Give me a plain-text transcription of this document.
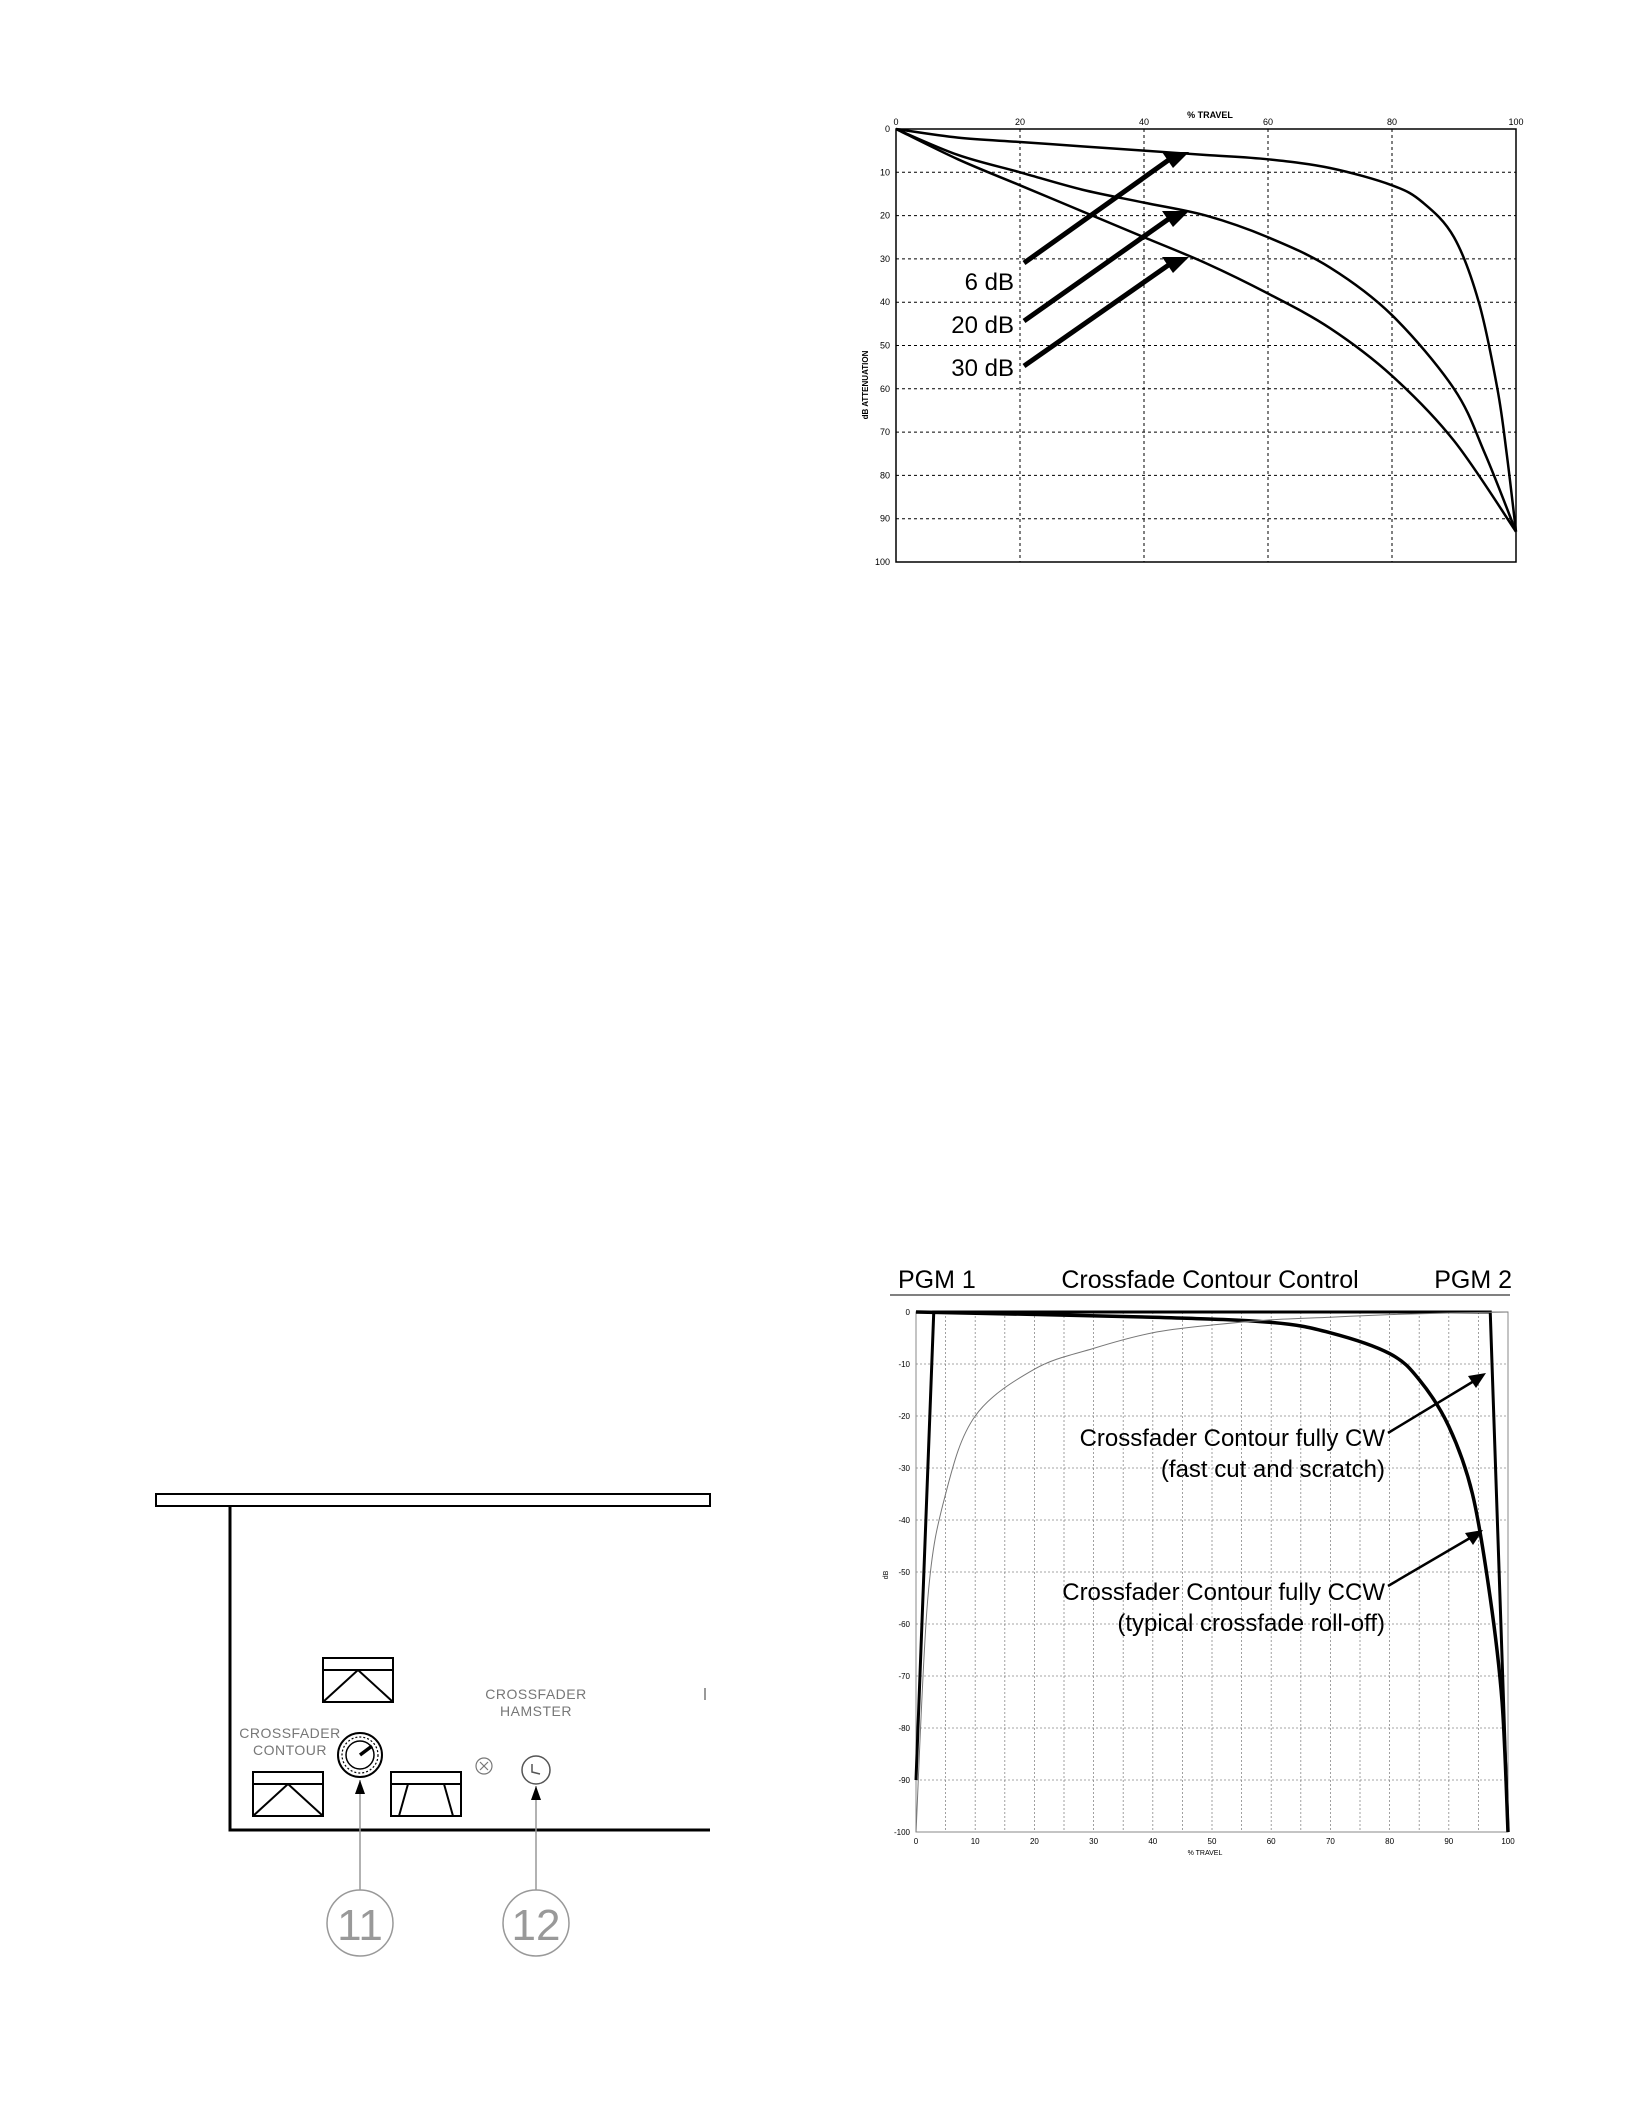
% TRAVEL
dB ATTENUATION
0	20	40	60	80	100
0
10
20
30
40
50
60
70
80
90
100
6 dB
20 dB
30 dB
PGM 1	Crossfade Contour Control	PGM 2
dB
% TRAVEL
0	10	20	30	40	50	60	70	80	90	100
0
-10
-20
-30
-40
-50
-60
-70
-80
-90
-100
Crossfader Contour fully CW
(fast cut and scratch)
Crossfader Contour fully CCW
(typical crossfade roll-off)
CROSSFADER
CONTOUR
CROSSFADER
HAMSTER
11	12
